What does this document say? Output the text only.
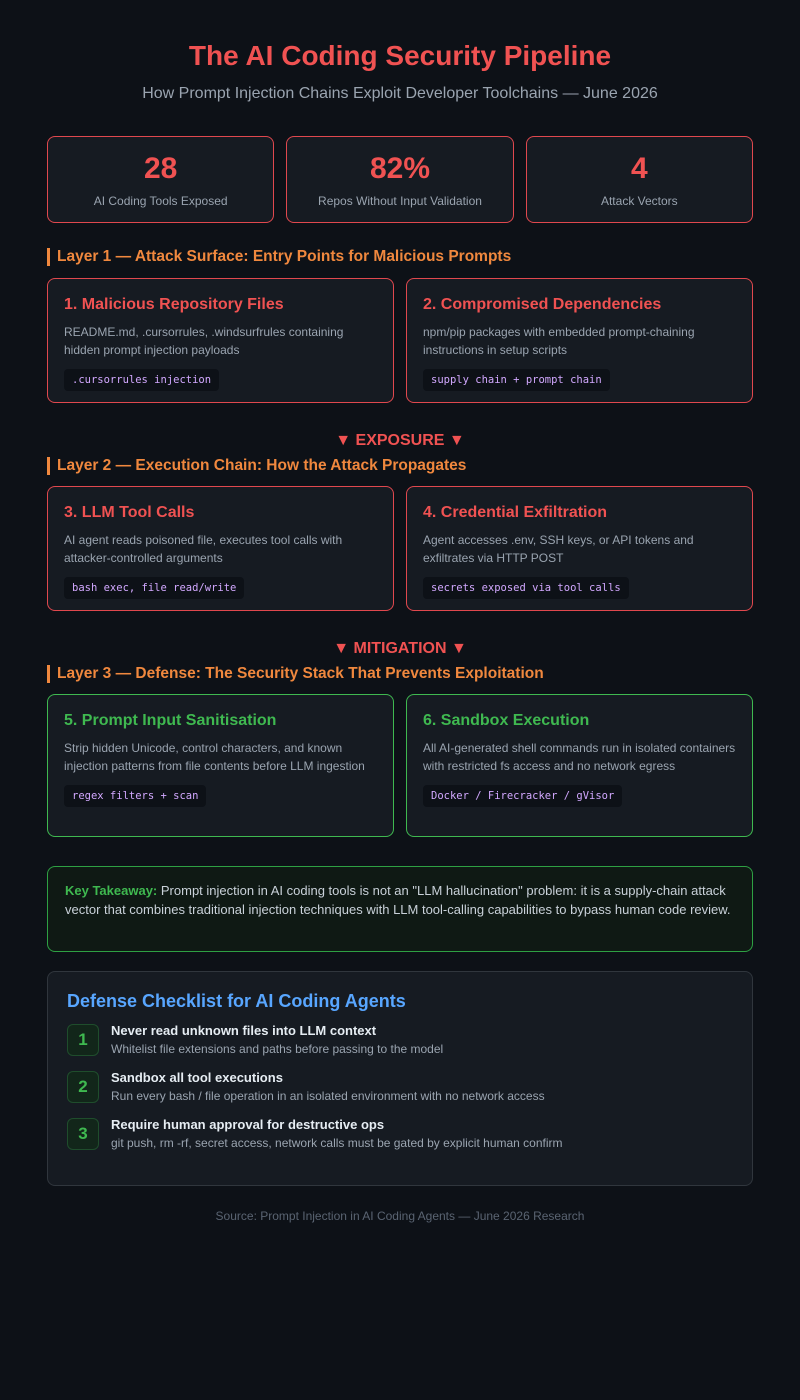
The AI Coding Security Pipeline
How Prompt Injection Chains Exploit Developer Toolchains — June 2026
28
AI Coding Tools Exposed
82%
Repos Without Input Validation
4
Attack Vectors
Layer 1 — Attack Surface: Entry Points for Malicious Prompts
1. Malicious Repository Files

README.md, .cursorrules, .windsurfrules containing hidden prompt injection payloads

.cursorrules injection
2. Compromised Dependencies

npm/pip packages with embedded prompt-chaining instructions in setup scripts

supply chain + prompt chain
▼ EXPOSURE ▼
Layer 2 — Execution Chain: How the Attack Propagates
3. LLM Tool Calls

AI agent reads poisoned file, executes tool calls with attacker-controlled arguments

bash exec, file read/write
4. Credential Exfiltration

Agent accesses .env, SSH keys, or API tokens and exfiltrates via HTTP POST

secrets exposed via tool calls
▼ MITIGATION ▼
Layer 3 — Defense: The Security Stack That Prevents Exploitation
5. Prompt Input Sanitisation

Strip hidden Unicode, control characters, and known injection patterns from file contents before LLM ingestion

regex filters + scan
6. Sandbox Execution

All AI-generated shell commands run in isolated containers with restricted fs access and no network egress

Docker / Firecracker / gVisor
Key Takeaway: Prompt injection in AI coding tools is not an "LLM hallucination" problem: it is a supply-chain attack vector that combines traditional injection techniques with LLM tool-calling capabilities to bypass human code review.
Defense Checklist for AI Coding Agents
1	Never read unknown files into LLM context
Whitelist file extensions and paths before passing to the model
2	Sandbox all tool executions
Run every bash / file operation in an isolated environment with no network access
3	Require human approval for destructive ops
git push, rm -rf, secret access, network calls must be gated by explicit human confirm
Source: Prompt Injection in AI Coding Agents — June 2026 Research
